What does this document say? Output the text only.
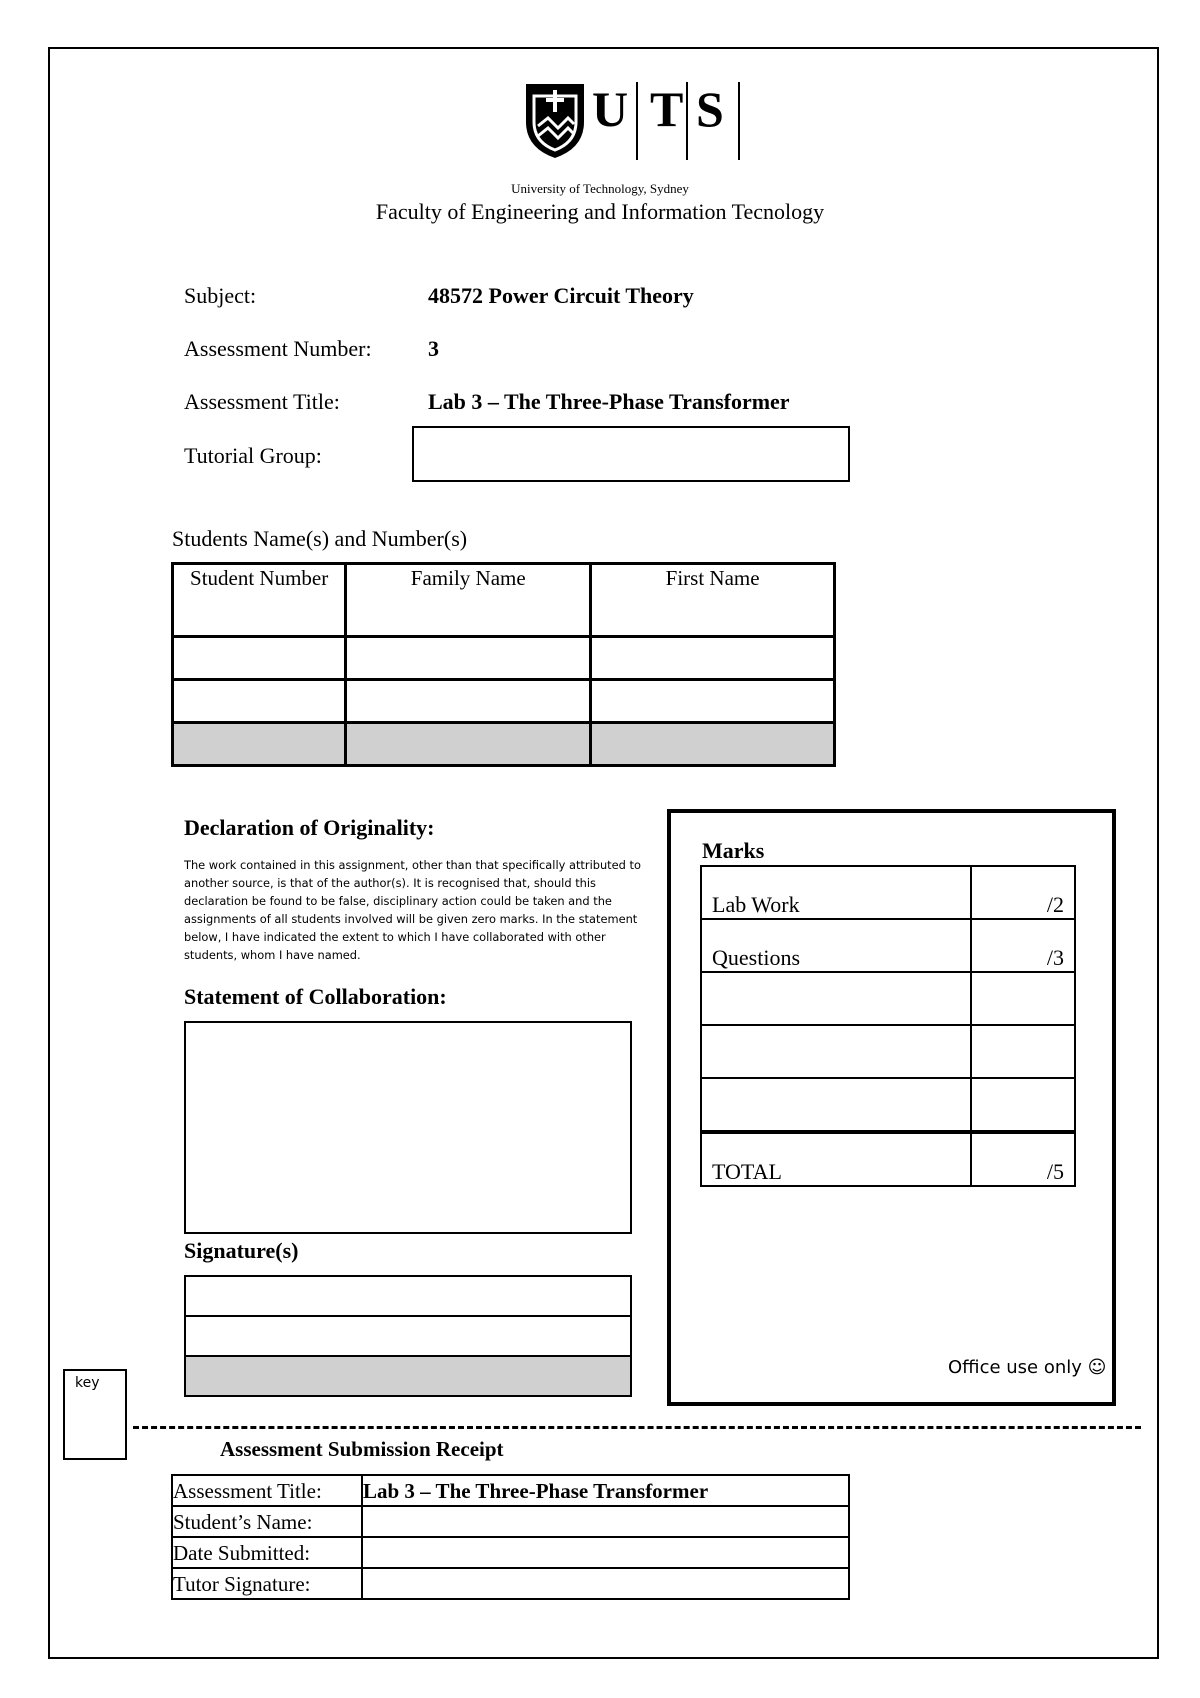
U T S
University of Technology, Sydney
Faculty of Engineering and Information Tecnology
Subject:	48572 Power Circuit Theory
Assessment Number:	3
Assessment Title:	Lab 3 – The Three-Phase Transformer
Tutorial Group:
Students Name(s) and Number(s)
Student Number	Family Name	First Name

Declaration of Originality:
The work contained in this assignment, other than that specifically attributed to another source, is that of the author(s). It is recognised that, should this declaration be found to be false, disciplinary action could be taken and the assignments of all students involved will be given zero marks. In the statement below, I have indicated the extent to which I have collaborated with other students, whom I have named.
Statement of Collaboration:
Signature(s)

Marks
Lab Work	/2
Questions	/3

TOTAL	/5
Office use only ☺
key
Assessment Submission Receipt
Assessment Title:	Lab 3 – The Three-Phase Transformer
Student’s Name:	
Date Submitted:	
Tutor Signature:	
